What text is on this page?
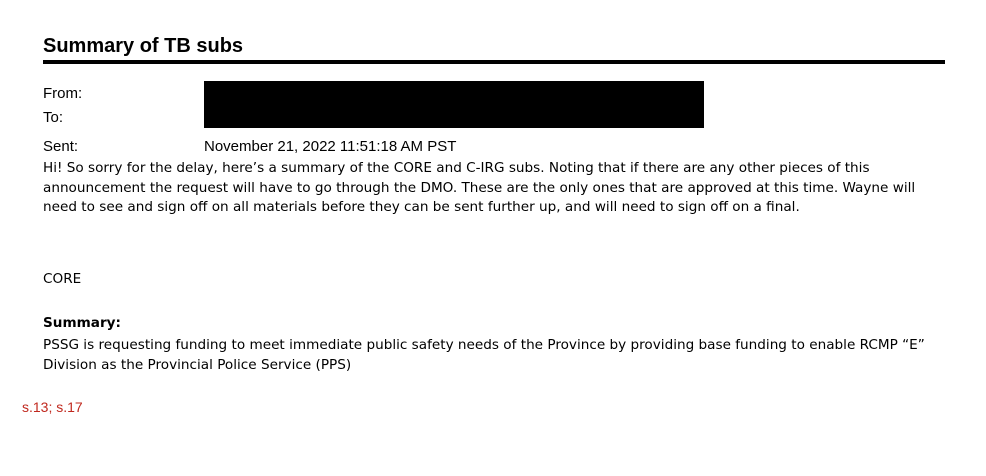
Summary of TB subs
From:
To:
Sent:	November 21, 2022 11:51:18 AM PST

Hi! So sorry for the delay, here’s a summary of the CORE and C-IRG subs. Noting that if there are any other pieces of this announcement the request will have to go through the DMO. These are the only ones that are approved at this time. Wayne will need to see and sign off on all materials before they can be sent further up, and will need to sign off on a final.

CORE
Summary:
PSSG is requesting funding to meet immediate public safety needs of the Province by providing base funding to enable RCMP “E” Division as the Provincial Police Service (PPS)
s.13; s.17
